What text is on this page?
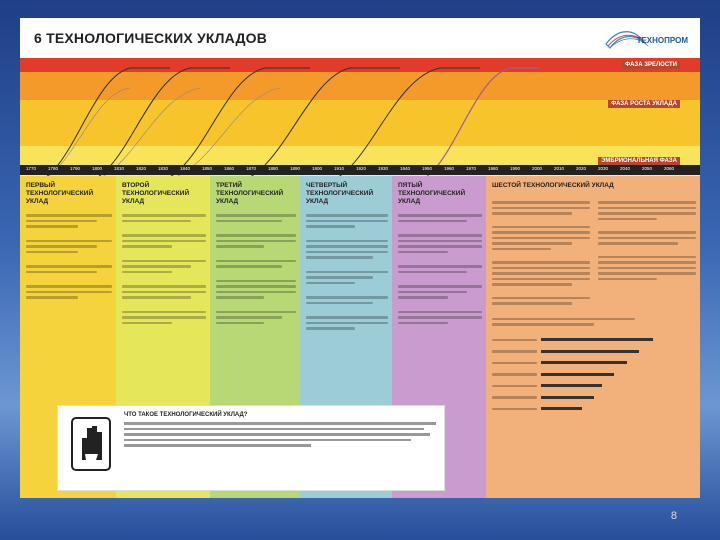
6 ТЕХНОЛОГИЧЕСКИХ УКЛАДОВ	ТЕХНОПРОМ
ФАЗА ЗРЕЛОСТИ
ФАЗА РОСТА УКЛАДА
ЭМБРИОНАЛЬНАЯ ФАЗА
1770	1780	1790	1800	1810	1820	1830	1840	1850	1860	1870	1880	1890	1900	1910	1920	1930	1940	1950	1960	1970	1980	1990	2000	2010	2020	2030	2040	2050	2060
ПЕРВЫЙ ТЕХНОЛОГИЧЕСКИЙ УКЛАД
ВТОРОЙ ТЕХНОЛОГИЧЕСКИЙ УКЛАД
ТРЕТИЙ ТЕХНОЛОГИЧЕСКИЙ УКЛАД
ЧЕТВЕРТЫЙ ТЕХНОЛОГИЧЕСКИЙ УКЛАД
ПЯТЫЙ ТЕХНОЛОГИЧЕСКИЙ УКЛАД
ШЕСТОЙ ТЕХНОЛОГИЧЕСКИЙ УКЛАД
ЧТО ТАКОЕ ТЕХНОЛОГИЧЕСКИЙ УКЛАД?
8
